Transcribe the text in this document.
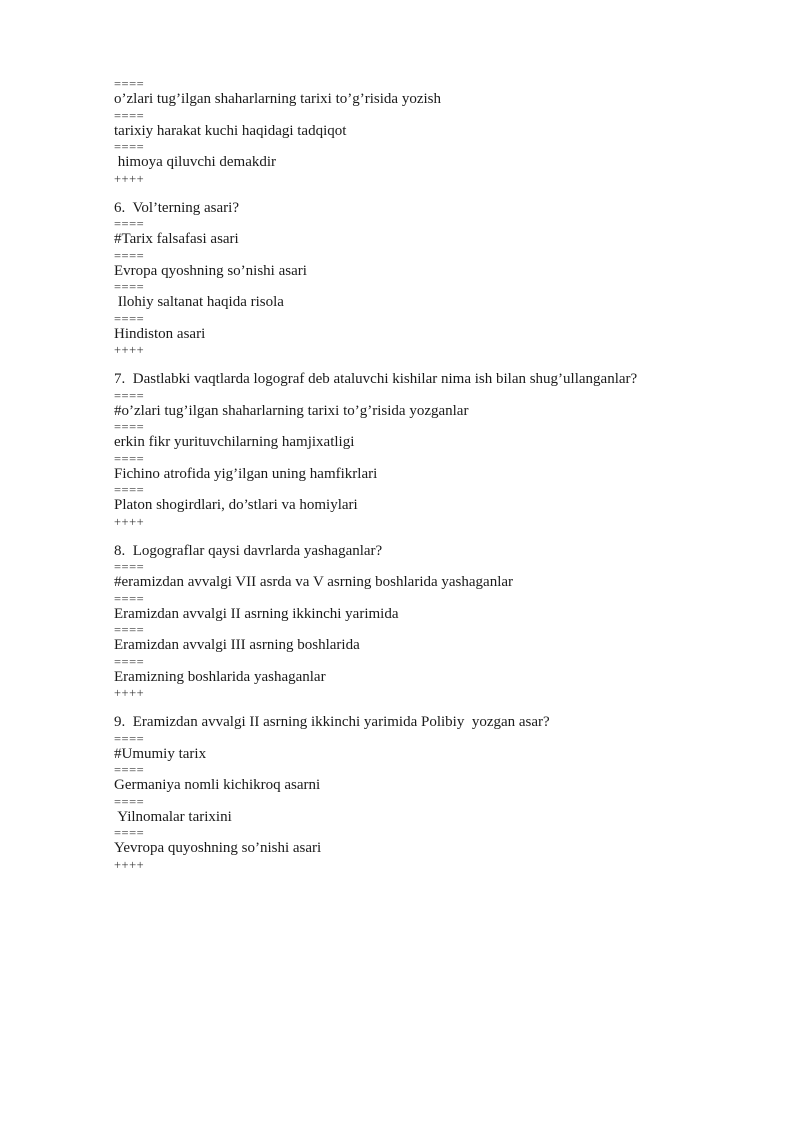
====
o’zlari tug’ilgan shaharlarning tarixi to’g’risida yozish
====
tarixiy harakat kuchi haqidagi tadqiqot
====
himoya qiluvchi demakdir
++++
6.  Vol’terning asari?
====
#Tarix falsafasi asari
====
Evropa qyoshning so’nishi asari
====
Ilohiy saltanat haqida risola
====
Hindiston asari
++++
7.  Dastlabki vaqtlarda logograf deb ataluvchi kishilar nima ish bilan shug’ullanganlar?
====
#o’zlari tug’ilgan shaharlarning tarixi to’g’risida yozganlar
====
erkin fikr yurituvchilarning hamjixatligi
====
Fichino atrofida yig’ilgan uning hamfikrlari
====
Platon shogirdlari, do’stlari va homiylari
++++
8.  Logograflar qaysi davrlarda yashaganlar?
====
#eramizdan avvalgi VII asrda va V asrning boshlarida yashaganlar
====
Eramizdan avvalgi II asrning ikkinchi yarimida
====
Eramizdan avvalgi III asrning boshlarida
====
Eramizning boshlarida yashaganlar
++++
9.  Eramizdan avvalgi II asrning ikkinchi yarimida Polibiy  yozgan asar?
====
#Umumiy tarix
====
Germaniya nomli kichikroq asarni
====
Yilnomalar tarixini
====
Yevropa quyoshning so’nishi asari
++++
